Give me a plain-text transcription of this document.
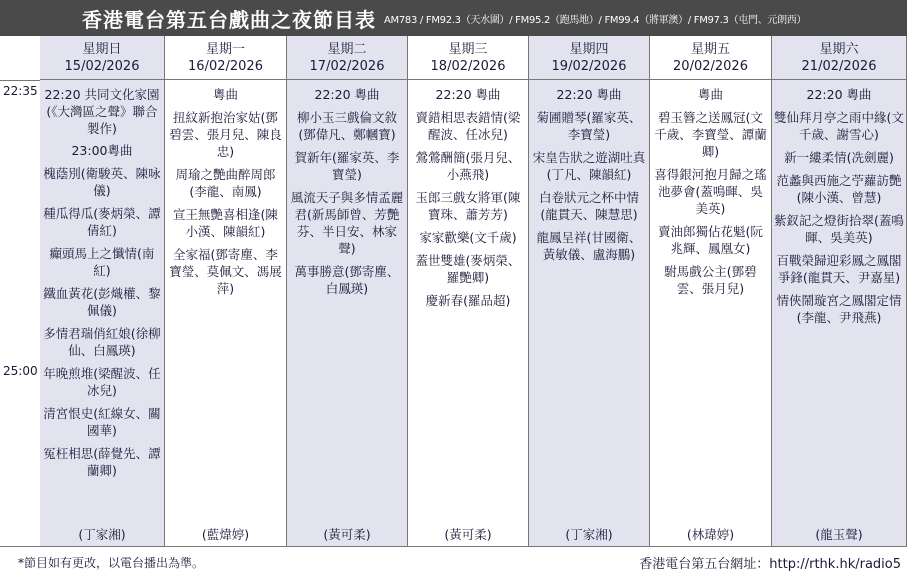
香港電台第五台戲曲之夜節目表 AM783 / FM92.3（天水圍）/ FM95.2（跑馬地）/ FM99.4（將軍澳）/ FM97.3（屯門、元朗西）
22:35
25:00
星期日
15/02/2026
22:20 共同文化家園(《大灣區之聲》聯合製作)
23:00粵曲
槐蔭別(衛駿英、陳咏儀)
種瓜得瓜(麥炳榮、譚倩紅)
癲頭馬上之懺情(南紅)
鐵血黃花(彭熾權、黎佩儀)
多情君瑞俏紅娘(徐柳仙、白鳳瑛)
年晚煎堆(梁醒波、任冰兒)
清宮恨史(紅線女、關國華)
冤枉相思(薛覺先、譚蘭卿)
(丁家湘)
星期一
16/02/2026
粵曲
扭紋新抱治家姑(鄧碧雲、張月兒、陳良忠)
周瑜之艷曲醉周郎(李龍、南鳳)
宣王無艷喜相逢(陳小漢、陳韻紅)
全家福(鄧寄塵、李寶瑩、莫佩文、馮展萍)
(藍煒婷)
星期二
17/02/2026
22:20 粵曲
柳小玉三戲倫文敘(鄧偉凡、鄭幗寶)
賀新年(羅家英、李寶瑩)
風流天子與多情孟麗君(新馬師曾、芳艷芬、半日安、林家聲)
萬事勝意(鄧寄塵、白鳳瑛)
(黃可柔)
星期三
18/02/2026
22:20 粵曲
賣錯相思表錯情(梁醒波、任冰兒)
鶯鶯酬簡(張月兒、小燕飛)
玉郎三戲女將軍(陳寶珠、蕭芳芳)
家家歡樂(文千歲)
蓋世雙雄(麥炳榮、羅艷卿)
慶新春(羅品超)
(黃可柔)
星期四
19/02/2026
22:20 粵曲
菊圃贈琴(羅家英、李寶瑩)
宋皇告狀之遊湖吐真(丁凡、陳韻紅)
白卷狀元之杯中情(龍貫天、陳慧思)
龍鳳呈祥(甘國衛、黃敏儀、盧海鵬)
(丁家湘)
星期五
20/02/2026
粵曲
碧玉簪之送鳳冠(文千歲、李寶瑩、譚蘭卿)
喜得銀河抱月歸之瑤池夢會(蓋鳴暉、吳美英)
賣油郎獨佔花魁(阮兆輝、鳳凰女)
駙馬戲公主(鄧碧雲、張月兒)
(林瑋婷)
星期六
21/02/2026
22:20 粵曲
雙仙拜月亭之雨中緣(文千歲、謝雪心)
新一縷柔情(冼劍麗)
范蠡與西施之苧蘿訪艷(陳小漢、曾慧)
紫釵記之燈街拾翠(蓋鳴暉、吳美英)
百戰榮歸迎彩鳳之鳳閣爭鋒(龍貫天、尹嘉星)
情俠鬧璇宮之鳳閣定情(李龍、尹飛燕)
(龍玉聲)
*節目如有更改，以電台播出為準。	香港電台第五台網址：http://rthk.hk/radio5
